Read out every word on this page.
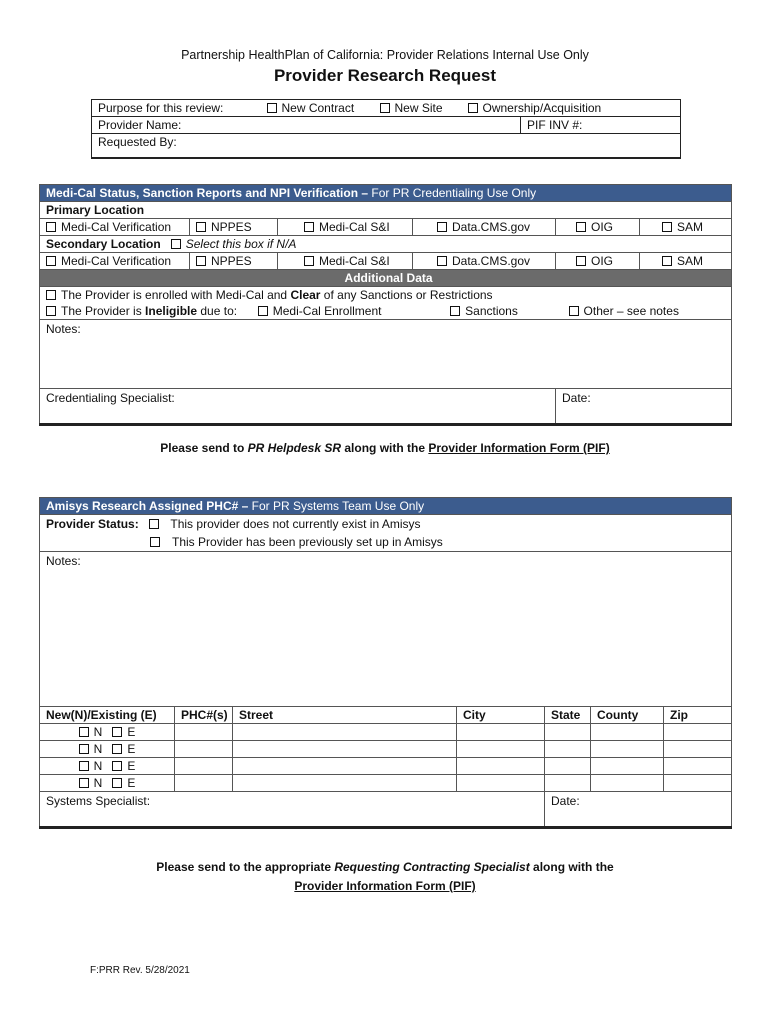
Partnership HealthPlan of California: Provider Relations Internal Use Only
Provider Research Request
Purpose for this review:	New Contract	New Site	Ownership/Acquisition	
Provider Name:				PIF INV #:
Requested By:				
Medi-Cal Status, Sanction Reports and NPI Verification – For PR Credentialing Use Only					
Primary Location					
Medi-Cal Verification	NPPES	Medi-Cal S&I	Data.CMS.gov	OIG	SAM
Secondary Location Select this box if N/A					
Medi-Cal Verification	NPPES	Medi-Cal S&I	Data.CMS.gov	OIG	SAM
Additional Data					
The Provider is enrolled with Medi-Cal and Clear of any Sanctions or Restrictions					
The Provider is Ineligible due to: Medi-Cal Enrollment Sanctions Other – see notes					
Notes:					
Credentialing Specialist:				Date:	
Please send to PR Helpdesk SR along with the Provider Information Form (PIF)
Amisys Research Assigned PHC# – For PR Systems Team Use Only						
Provider Status: This provider does not currently exist in Amisys
This Provider has been previously set up in Amisys						
Notes:						
New(N)/Existing (E)	PHC#(s)	Street	City	State	County	Zip
N E						
N E						
N E						
N E						
Systems Specialist:				Date:		
Please send to the appropriate Requesting Contracting Specialist along with the
Provider Information Form (PIF)
F:PRR Rev. 5/28/2021
